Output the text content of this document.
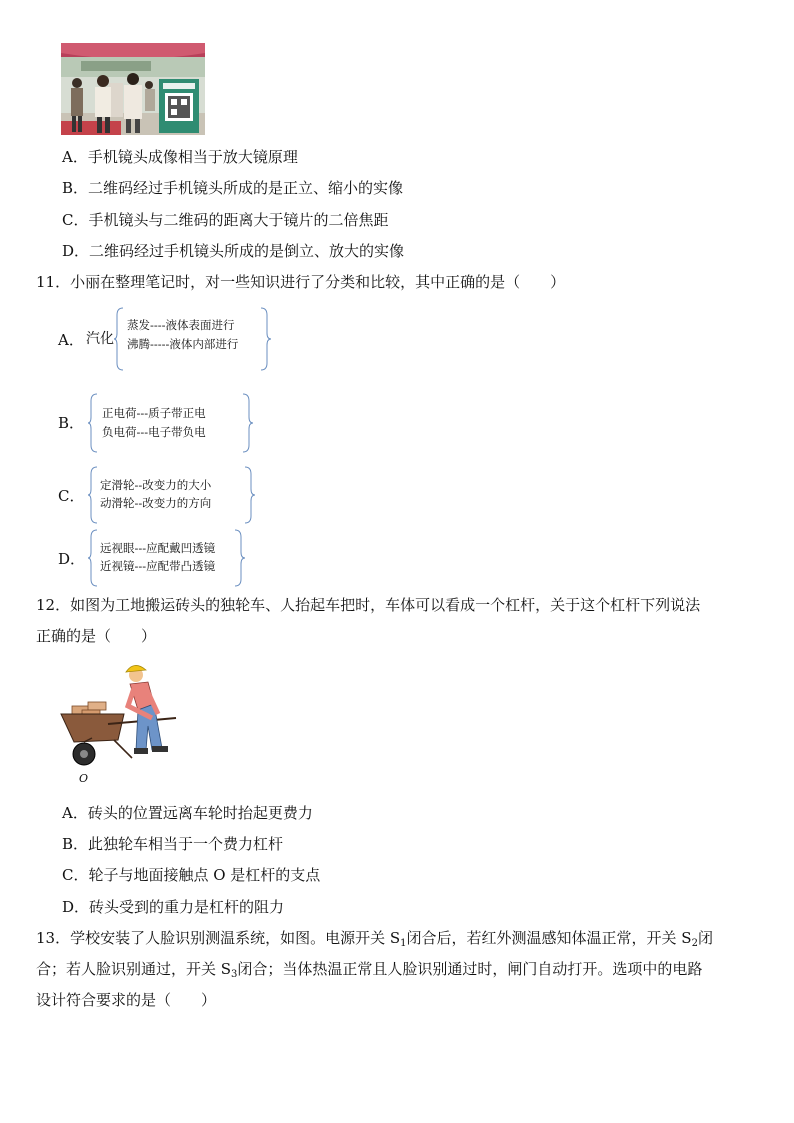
A．手机镜头成像相当于放大镜原理
B．二维码经过手机镜头所成的是正立、缩小的实像
C．手机镜头与二维码的距离大于镜片的二倍焦距
D．二维码经过手机镜头所成的是倒立、放大的实像
11．小丽在整理笔记时，对一些知识进行了分类和比较，其中正确的是（　　）
A． 汽化
蒸发----液体表面进行
沸腾-----液体内部进行
B．
正电荷---质子带正电
负电荷---电子带负电
C．
定滑轮--改变力的大小
动滑轮--改变力的方向
D．
远视眼---应配戴凹透镜
近视镜---应配带凸透镜
12．如图为工地搬运砖头的独轮车、人抬起车把时，车体可以看成一个杠杆，关于这个杠杆下列说法
正确的是（　　）
O
A．砖头的位置远离车轮时抬起更费力
B．此独轮车相当于一个费力杠杆
C．轮子与地面接触点 O 是杠杆的支点
D．砖头受到的重力是杠杆的阻力
13．学校安装了人脸识别测温系统，如图。电源开关 $S_1$闭合后，若红外测温感知体温正常，开关 $S_2$闭
合；若人脸识别通过，开关 $S_3$闭合；当体热温正常且人脸识别通过时，闸门自动打开。选项中的电路
设计符合要求的是（　　）
